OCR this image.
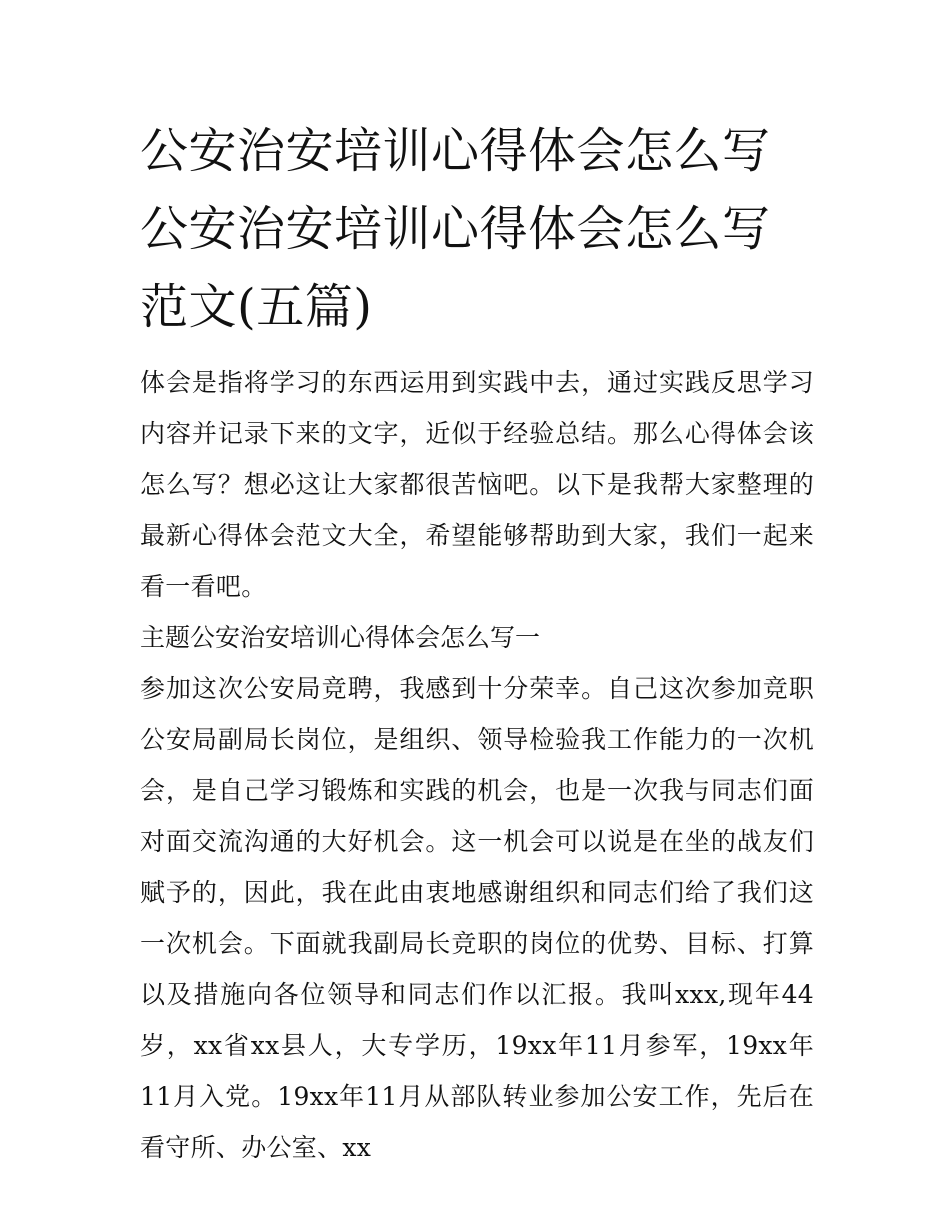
公安治安培训心得体会怎么写
公安治安培训心得体会怎么写
范文(五篇)

体会是指将学习的东西运用到实践中去，通过实践反思学习内容并记录下来的文字，近似于经验总结。那么心得体会该怎么写？想必这让大家都很苦恼吧。以下是我帮大家整理的最新心得体会范文大全，希望能够帮助到大家，我们一起来看一看吧。

主题公安治安培训心得体会怎么写一

参加这次公安局竞聘，我感到十分荣幸。自己这次参加竞职公安局副局长岗位，是组织、领导检验我工作能力的一次机会，是自己学习锻炼和实践的机会，也是一次我与同志们面对面交流沟通的大好机会。这一机会可以说是在坐的战友们赋予的，因此，我在此由衷地感谢组织和同志们给了我们这一次机会。下面就我副局长竞职的岗位的优势、目标、打算以及措施向各位领导和同志们作以汇报。我叫xxx,现年44岁，xx省xx县人，大专学历，19xx年11月参军，19xx年11月入党。19xx年11月从部队转业参加公安工作，先后在看守所、办公室、xx
